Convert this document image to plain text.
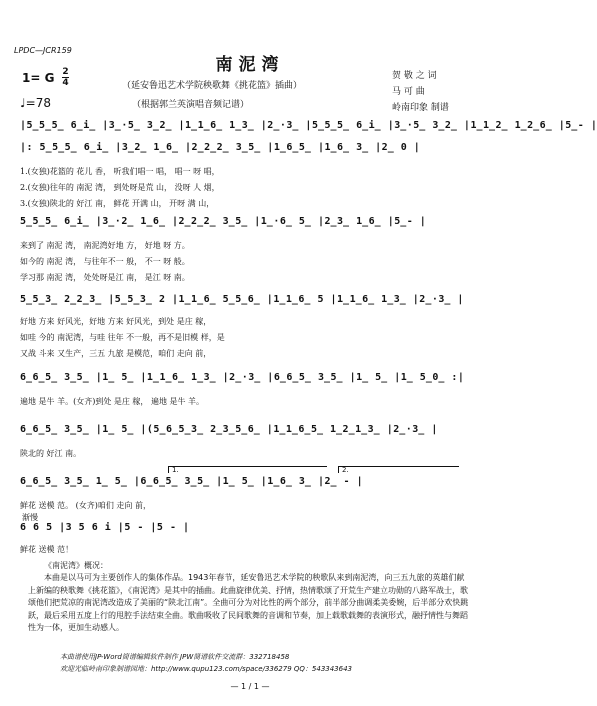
LPDC—JCR159
南泥湾
1= G 2
4
♩=78
（延安鲁迅艺术学院秧歌舞《挑花篮》插曲）
（根据郭兰英演唱音频记谱）
贺 敬 之 词
马 可 曲
岭南印象 制谱
|5̲5̲5̲ 6̲i̲ |3̲·5̲ 3̲2̲ |1̲1̲6̲ 1̲3̲ |2̲·3̲ |5̲5̲5̲ 6̲i̲ |3̲·5̲ 3̲2̲ |1̲1̲2̲ 1̲2̲6̲ |5̲- |
|: 5̲5̲5̲ 6̲i̲ |3̲2̲ 1̲6̲ |2̲2̲2̲ 3̲5̲ |1̲6̲5̲ |1̲6̲ 3̲ |2̲ 0 |
1.(女独)花篮的 花儿 香， 听我们唱一 唱， 唱一 呀 唱，
2.(女独)往年的 南泥 湾， 到处呀是荒 山， 没呀 人 烟，
3.(女独)陕北的 好江 南， 鲜花 开满 山， 开呀 满 山，
5̲5̲5̲ 6̲i̲ |3̲·2̲ 1̲6̲ |2̲2̲2̲ 3̲5̲ |1̲·6̲ 5̲ |2̲3̲ 1̲6̲ |5̲- |
来到了 南泥 湾， 南泥湾好地 方， 好地 呀 方。
如今的 南泥 湾， 与往年不一 般， 不一 呀 般。
学习那 南泥 湾， 处处呀是江 南， 是江 呀 南。
5̲5̲3̲ 2̲2̲3̲ |5̲5̲3̲ 2 |1̲1̲6̲ 5̲5̲6̲ |1̲1̲6̲ 5 |1̲1̲6̲ 1̲3̲ |2̲·3̲ |
好地 方来 好风光，好地 方来 好风光，到处 是庄 稼，
如哇 今的 南泥湾，与哇 往年 不一般，再不是旧模 样，是
又战 斗来 又生产，三五 九旅 是模范，咱们 走向 前，
6̲6̲5̲ 3̲5̲ |1̲ 5̲ |1̲1̲6̲ 1̲3̲ |2̲·3̲ |6̲6̲5̲ 3̲5̲ |1̲ 5̲ |1̲ 5̲0̲ :|
遍地 是牛 羊。(女齐)到处 是庄 稼， 遍地 是牛 羊。
6̲6̲5̲ 3̲5̲ |1̲ 5̲ |(5̲6̲5̲3̲ 2̲3̲5̲6̲ |1̲1̲6̲5̲ 1̲2̲1̲3̲ |2̲·3̲ |
陕北的 好江 南。
1.	2.
6̲6̲5̲ 3̲5̲ 1̲ 5̲ |6̲6̲5̲ 3̲5̲ |1̲ 5̲ |1̲6̲ 3̲ |2̲ - |
鲜花 送模 范。 (女齐)咱们 走向 前，
渐慢
6 6 5 |3 5 6 i |5 - |5 - |
鲜花 送模 范！
《南泥湾》概况：
本曲是以马可为主要创作人的集体作品。1943年春节，延安鲁迅艺术学院的秧歌队来到南泥湾，向三五九旅的英雄们献上新编的秧歌舞《挑花篮》，《南泥湾》是其中的插曲。此曲旋律优美、抒情，热情歌颂了开荒生产建立功勋的八路军战士，歌颂他们把荒凉的南泥湾改造成了美丽的“陕北江南”。全曲可分为对比性的两个部分，前半部分曲调柔美委婉，后半部分欢快跳跃，最后采用五度上行的甩腔手法结束全曲。歌曲吸收了民间歌舞的音调和节奏，加上载歌载舞的表演形式，融抒情性与舞蹈性为一体，更加生动感人。
本曲谱使用JP-Word简谱编辑软件制作 JPW简谱软件交流群：332718458
欢迎光临岭南印象制谱园地：http://www.qupu123.com/space/336279 QQ：543343643
— 1 / 1 —
